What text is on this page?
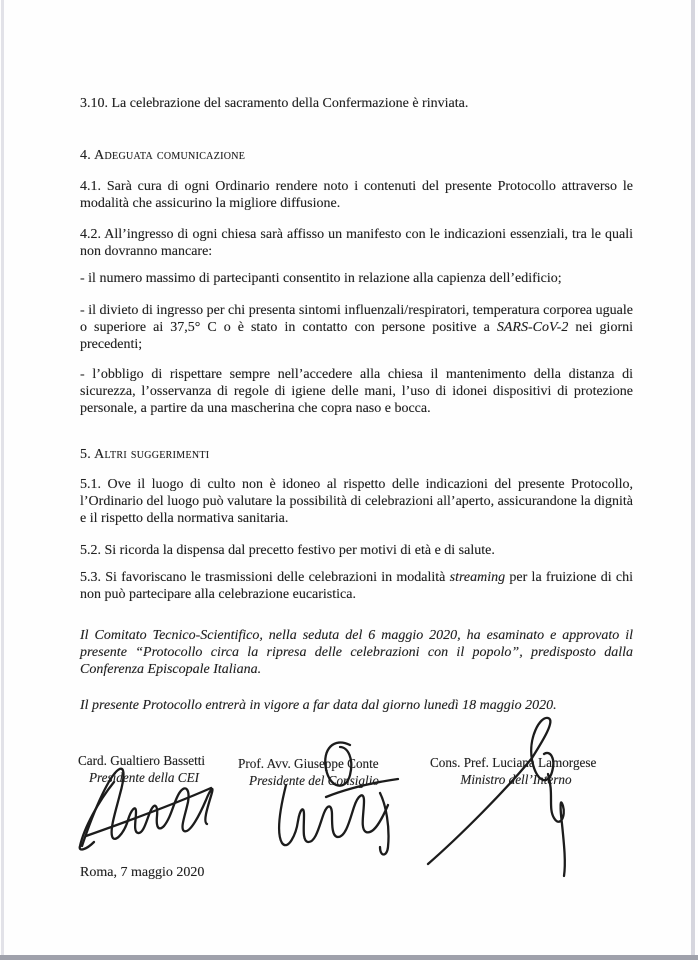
3.10. La celebrazione del sacramento della Confermazione è rinviata.

4. Adeguata comunicazione

4.1. Sarà cura di ogni Ordinario rendere noto i contenuti del presente Protocollo attraverso le modalità che assicurino la migliore diffusione.

4.2. All’ingresso di ogni chiesa sarà affisso un manifesto con le indicazioni essenziali, tra le quali non dovranno mancare:

- il numero massimo di partecipanti consentito in relazione alla capienza dell’edificio;

- il divieto di ingresso per chi presenta sintomi influenzali/respiratori, temperatura corporea uguale o superiore ai 37,5° C o è stato in contatto con persone positive a SARS-CoV-2 nei giorni precedenti;

- l’obbligo di rispettare sempre nell’accedere alla chiesa il mantenimento della distanza di sicurezza, l’osservanza di regole di igiene delle mani, l’uso di idonei dispositivi di protezione personale, a partire da una mascherina che copra naso e bocca.

5. Altri suggerimenti

5.1. Ove il luogo di culto non è idoneo al rispetto delle indicazioni del presente Protocollo, l’Ordinario del luogo può valutare la possibilità di celebrazioni all’aperto, assicurandone la dignità e il rispetto della normativa sanitaria.

5.2. Si ricorda la dispensa dal precetto festivo per motivi di età e di salute.

5.3. Si favoriscano le trasmissioni delle celebrazioni in modalità streaming per la fruizione di chi non può partecipare alla celebrazione eucaristica.

Il Comitato Tecnico-Scientifico, nella seduta del 6 maggio 2020, ha esaminato e approvato il presente “Protocollo circa la ripresa delle celebrazioni con il popolo”, predisposto dalla Conferenza Episcopale Italiana.

Il presente Protocollo entrerà in vigore a far data dal giorno lunedì 18 maggio 2020.

Card. Gualtiero Bassetti
Presidente della CEI
Prof. Avv. Giuseppe Conte
Presidente del Consiglio
Cons. Pref. Luciana Lamorgese
Ministro dell’Interno

Roma, 7 maggio 2020
